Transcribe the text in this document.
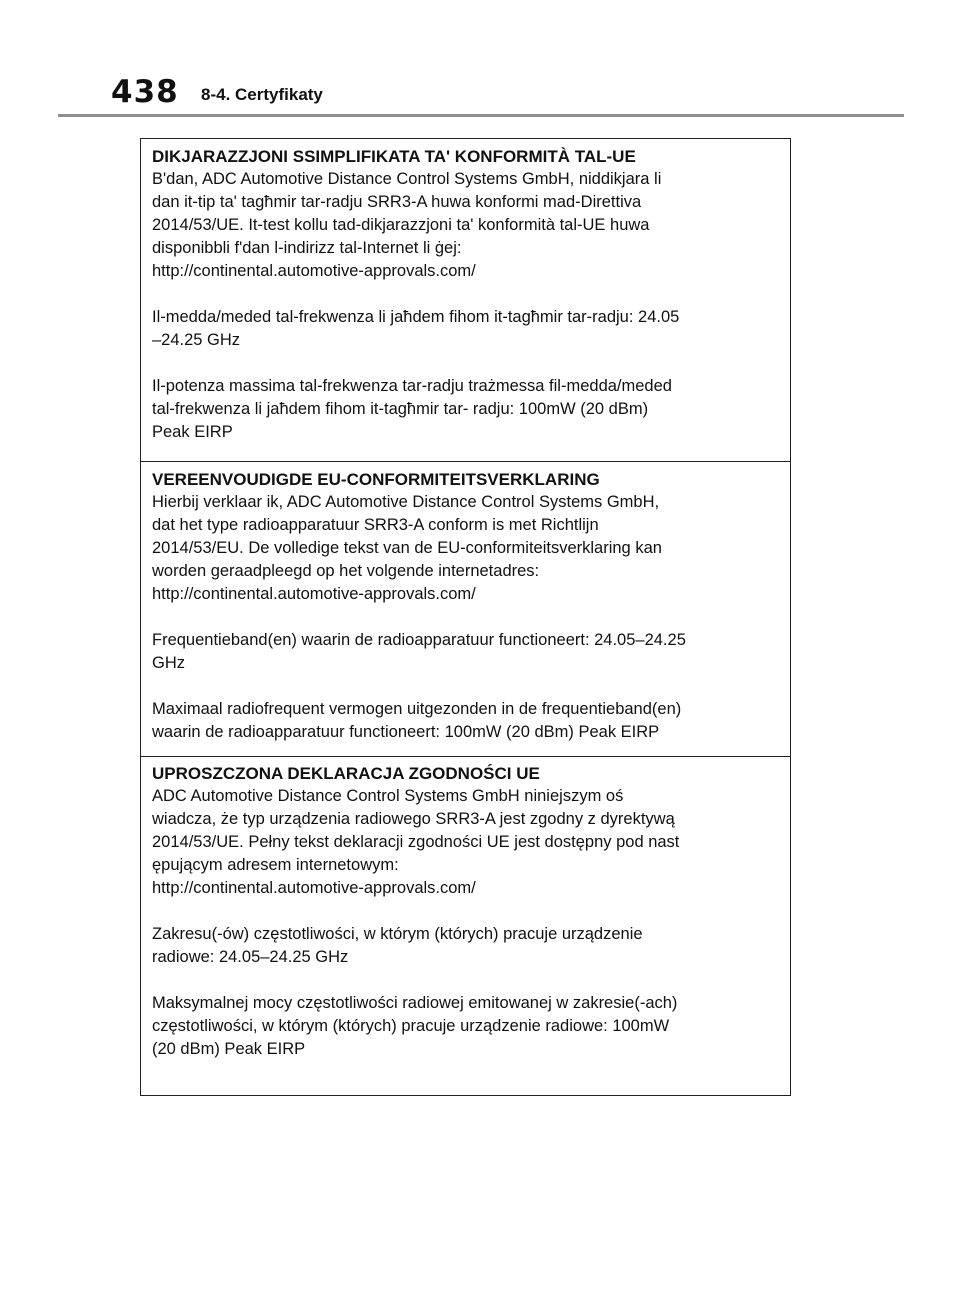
438 8-4. Certyfikaty
DIKJARAZZJONI SSIMPLIFIKATA TA' KONFORMITÀ TAL-UE

B'dan, ADC Automotive Distance Control Systems GmbH, niddikjara li
dan it-tip ta' tagħmir tar-radju SRR3-A huwa konformi mad-Direttiva
2014/53/UE. It-test kollu tad-dikjarazzjoni ta' konformità tal-UE huwa
disponibbli f'dan l-indirizz tal-Internet li ġej:
http://continental.automotive-approvals.com/

Il-medda/meded tal-frekwenza li jaħdem fihom it-tagħmir tar-radju: 24.05
–24.25 GHz

Il-potenza massima tal-frekwenza tar-radju trażmessa fil-medda/meded
tal-frekwenza li jaħdem fihom it-tagħmir tar- radju: 100mW (20 dBm)
Peak EIRP

VEREENVOUDIGDE EU-CONFORMITEITSVERKLARING

Hierbij verklaar ik, ADC Automotive Distance Control Systems GmbH,
dat het type radioapparatuur SRR3-A conform is met Richtlijn
2014/53/EU. De volledige tekst van de EU-conformiteitsverklaring kan
worden geraadpleegd op het volgende internetadres:
http://continental.automotive-approvals.com/

Frequentieband(en) waarin de radioapparatuur functioneert: 24.05–24.25
GHz

Maximaal radiofrequent vermogen uitgezonden in de frequentieband(en)
waarin de radioapparatuur functioneert: 100mW (20 dBm) Peak EIRP

UPROSZCZONA DEKLARACJA ZGODNOŚCI UE

ADC Automotive Distance Control Systems GmbH niniejszym oś
wiadcza, że typ urządzenia radiowego SRR3-A jest zgodny z dyrektywą
2014/53/UE. Pełny tekst deklaracji zgodności UE jest dostępny pod nast
ępującym adresem internetowym:
http://continental.automotive-approvals.com/

Zakresu(-ów) częstotliwości, w którym (których) pracuje urządzenie
radiowe: 24.05–24.25 GHz

Maksymalnej mocy częstotliwości radiowej emitowanej w zakresie(-ach)
częstotliwości, w którym (których) pracuje urządzenie radiowe: 100mW
(20 dBm) Peak EIRP
